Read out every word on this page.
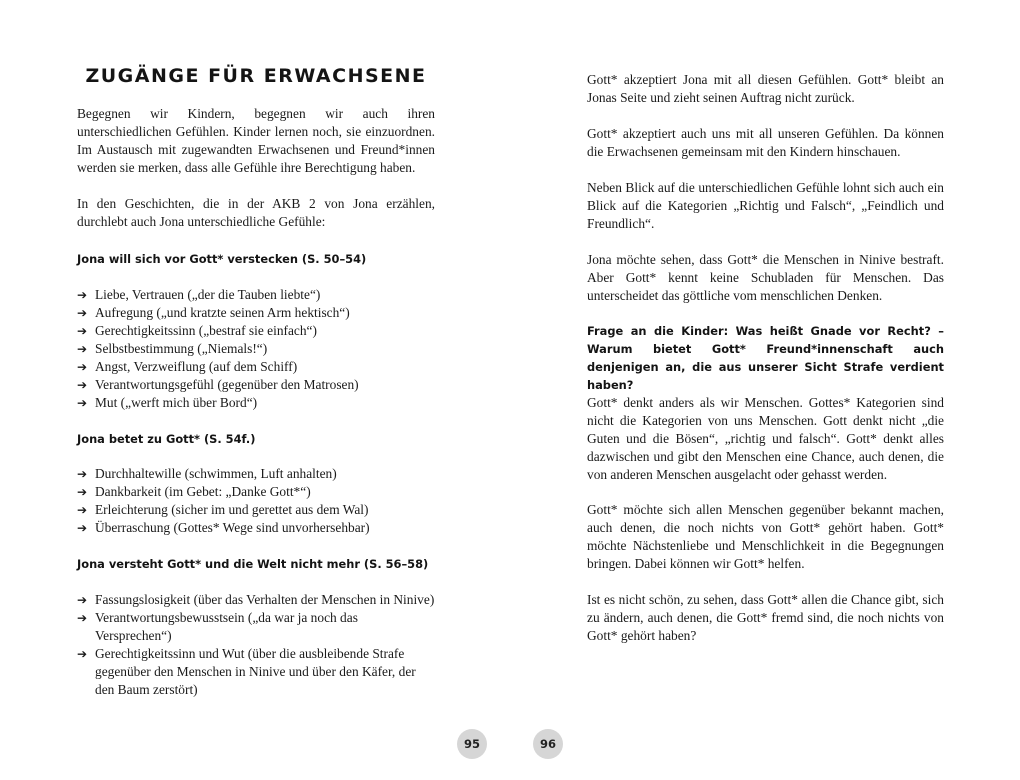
ZUGÄNGE FÜR ERWACHSENE

Begegnen wir Kindern, begegnen wir auch ihren unterschiedlichen Gefühlen. Kinder lernen noch, sie einzuordnen. Im Austausch mit zugewandten Erwachsenen und Freund*innen werden sie merken, dass alle Gefühle ihre Berechtigung haben.

In den Geschichten, die in der AKB 2 von Jona erzählen, durchlebt auch Jona unterschiedliche Gefühle:

Jona will sich vor Gott* verstecken (S. 50–54)

➔ Liebe, Vertrauen („der die Tauben liebte“)
➔ Aufregung („und kratzte seinen Arm hektisch“)
➔ Gerechtigkeitssinn („bestraf sie einfach“)
➔ Selbstbestimmung („Niemals!“)
➔ Angst, Verzweiflung (auf dem Schiff)
➔ Verantwortungsgefühl (gegenüber den Matrosen)
➔ Mut („werft mich über Bord“)

Jona betet zu Gott* (S. 54f.)

➔ Durchhaltewille (schwimmen, Luft anhalten)
➔ Dankbarkeit (im Gebet: „Danke Gott*“)
➔ Erleichterung (sicher im und gerettet aus dem Wal)
➔ Überraschung (Gottes* Wege sind unvorhersehbar)

Jona versteht Gott* und die Welt nicht mehr (S. 56–58)

➔ Fassungslosigkeit (über das Verhalten der Menschen in Ninive)
➔ Verantwortungsbewusstsein („da war ja noch das Versprechen“)
➔ Gerechtigkeitssinn und Wut (über die ausbleibende Strafe gegenüber den Menschen in Ninive und über den Käfer, der den Baum zerstört)

Gott* akzeptiert Jona mit all diesen Gefühlen. Gott* bleibt an Jonas Seite und zieht seinen Auftrag nicht zurück.

Gott* akzeptiert auch uns mit all unseren Gefühlen. Da können die Erwachsenen gemeinsam mit den Kindern hinschauen.

Neben Blick auf die unterschiedlichen Gefühle lohnt sich auch ein Blick auf die Kategorien „Richtig und Falsch“, „Feindlich und Freundlich“.

Jona möchte sehen, dass Gott* die Menschen in Ninive bestraft. Aber Gott* kennt keine Schubladen für Menschen. Das unterscheidet das göttliche vom menschlichen Denken.

Frage an die Kinder: Was heißt Gnade vor Recht? – Warum bietet Gott* Freund*innenschaft auch denjenigen an, die aus unserer Sicht Strafe verdient haben?

Gott* denkt anders als wir Menschen. Gottes* Kategorien sind nicht die Kategorien von uns Menschen. Gott denkt nicht „die Guten und die Bösen“, „richtig und falsch“. Gott* denkt alles dazwischen und gibt den Menschen eine Chance, auch denen, die von anderen Menschen ausgelacht oder gehasst werden.

Gott* möchte sich allen Menschen gegenüber bekannt machen, auch denen, die noch nichts von Gott* gehört haben. Gott* möchte Nächstenliebe und Menschlichkeit in die Begegnungen bringen. Dabei können wir Gott* helfen.

Ist es nicht schön, zu sehen, dass Gott* allen die Chance gibt, sich zu ändern, auch denen, die Gott* fremd sind, die noch nichts von Gott* gehört haben?

95	96
